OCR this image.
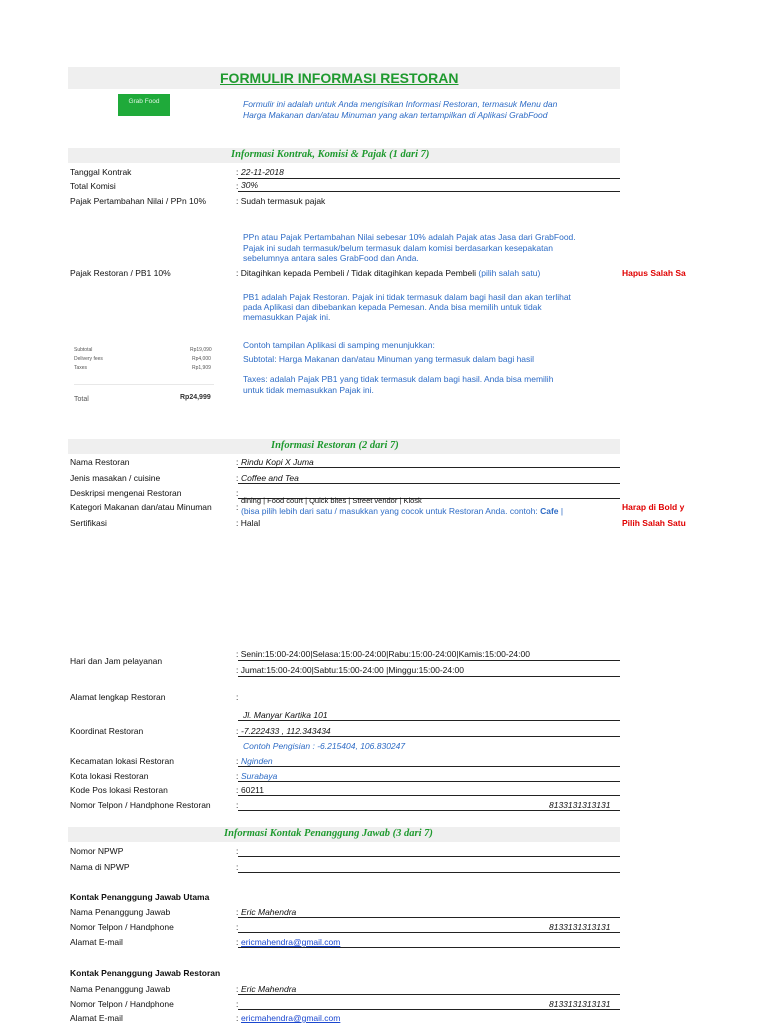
FORMULIR INFORMASI RESTORAN
Grab Food	Formulir ini adalah untuk Anda mengisikan Informasi Restoran, termasuk Menu dan
Harga Makanan dan/atau Minuman yang akan tertampilkan di Aplikasi GrabFood
Informasi Kontrak, Komisi & Pajak (1 dari 7)
Tanggal Kontrak	: 22-11-2018
Total Komisi	: 30%
Pajak Pertambahan Nilai / PPn 10%	: Sudah termasuk pajak
PPn atau Pajak Pertambahan Nilai sebesar 10% adalah Pajak atas Jasa dari GrabFood.
Pajak ini sudah termasuk/belum termasuk dalam komisi berdasarkan kesepakatan
sebelumnya antara sales GrabFood dan Anda.
Pajak Restoran / PB1 10%	: Ditagihkan kepada Pembeli / Tidak ditagihkan kepada Pembeli (pilih salah satu)	Hapus Salah Sa
PB1 adalah Pajak Restoran. Pajak ini tidak termasuk dalam bagi hasil dan akan terlihat
pada Aplikasi dan dibebankan kepada Pemesan. Anda bisa memilih untuk tidak
memasukkan Pajak ini.
Contoh tampilan Aplikasi di samping menunjukkan:
Subtotal: Harga Makanan dan/atau Minuman yang termasuk dalam bagi hasil
Taxes: adalah Pajak PB1 yang tidak termasuk dalam bagi hasil. Anda bisa memilih
untuk tidak memasukkan Pajak ini.
Subtotal	Rp19,090
Delivery fees	Rp4,000
Taxes	Rp1,909
Total	Rp24,999
Informasi Restoran (2 dari 7)
Nama Restoran	: Rindu Kopi X Juma
Jenis masakan / cuisine	: Coffee and Tea
Deskripsi mengenai Restoran	:
Kategori Makanan dan/atau Minuman	:
dining | Food court | Quick bites | Street vendor | Kiosk
(bisa pilih lebih dari satu / masukkan yang cocok untuk Restoran Anda. contoh: Cafe |	Harap di Bold y
Sertifikasi	: Halal	Pilih Salah Satu
Hari dan Jam pelayanan
: Senin:15:00-24:00|Selasa:15:00-24:00|Rabu:15:00-24:00|Kamis:15:00-24:00
: Jumat:15:00-24:00|Sabtu:15:00-24:00 |Minggu:15:00-24:00
Alamat lengkap Restoran	:
Jl. Manyar Kartika 101
Koordinat Restoran	: -7.222433 , 112.343434
Contoh Pengisian : -6.215404, 106.830247
Kecamatan lokasi Restoran	: Nginden
Kota lokasi Restoran	: Surabaya
Kode Pos lokasi Restoran	: 60211
Nomor Telpon / Handphone Restoran	:	8133131313131
Informasi Kontak Penanggung Jawab (3 dari 7)
Nomor NPWP	:
Nama di NPWP	:
Kontak Penanggung Jawab Utama
Nama Penanggung Jawab	: Eric Mahendra
Nomor Telpon / Handphone	:	8133131313131
Alamat E-mail	: ericmahendra@gmail.com
Kontak Penanggung Jawab Restoran
Nama Penanggung Jawab	: Eric Mahendra
Nomor Telpon / Handphone	:	8133131313131
Alamat E-mail	: ericmahendra@gmail.com
